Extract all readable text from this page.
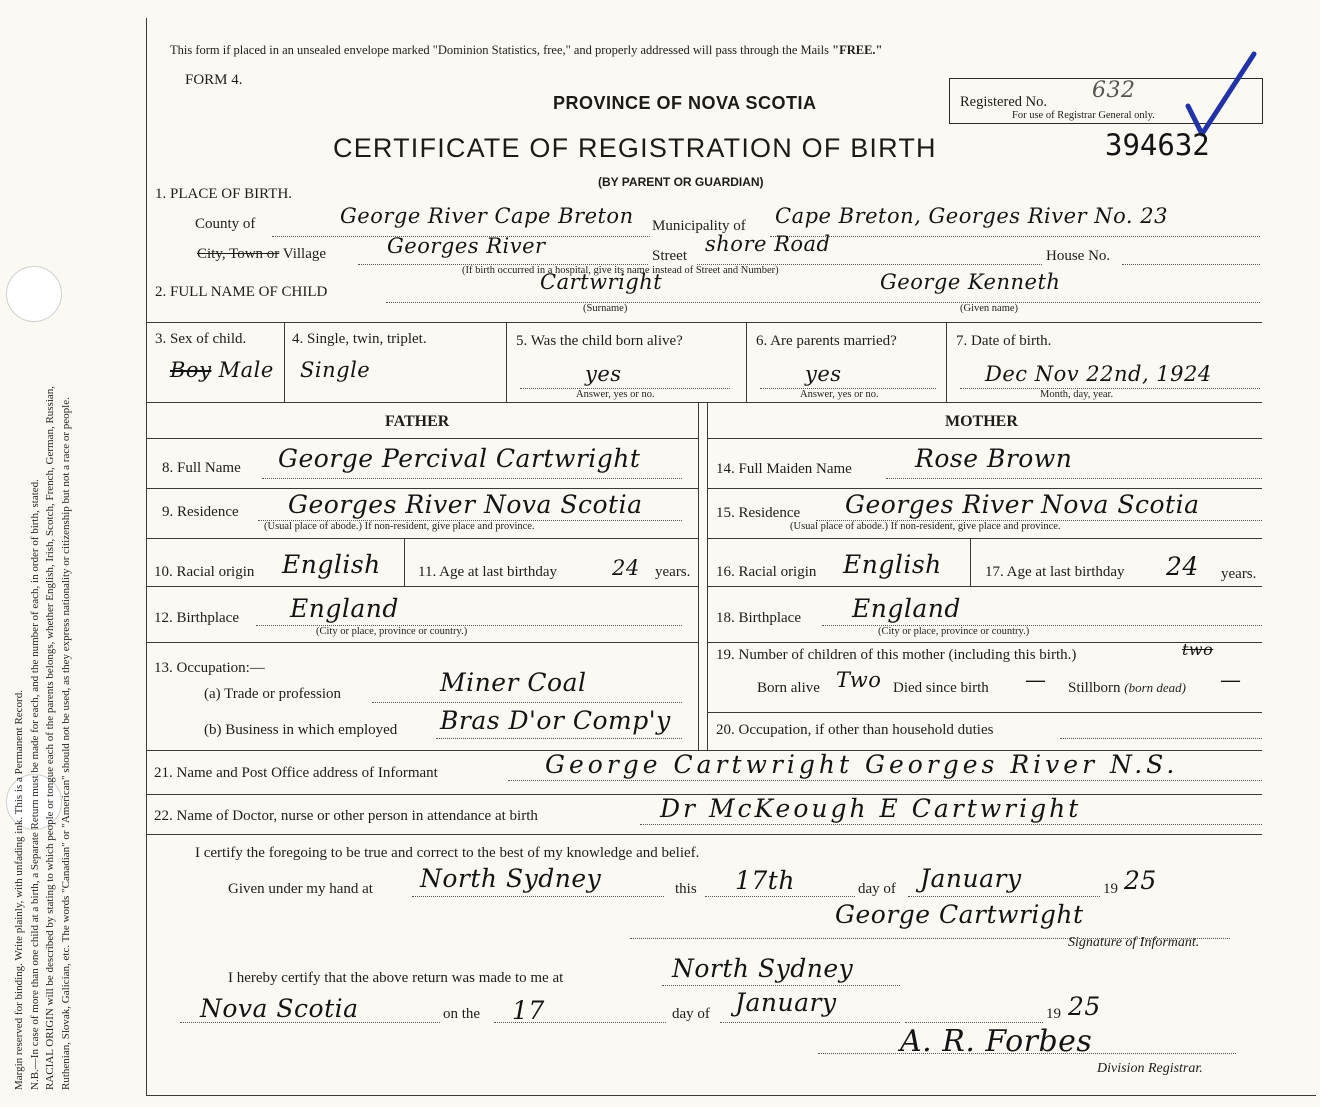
Margin reserved for binding. Write plainly, with unfading ink. This is a Permanent Record. N.B.—In case of more than one child at a birth, a Separate Return must be made for each, and the number of each, in order of birth, stated. RACIAL ORIGIN will be described by stating to which people or tongue each of the parents belongs, whether English, Irish, Scotch, French, German, Russian, Ruthenian, Slovak, Galician, etc. The words "Canadian" or "American" should not be used, as they express nationality or citizenship but not a race or people.
This form if placed in an unsealed envelope marked "Dominion Statistics, free," and properly addressed will pass through the Mails "FREE."
FORM 4.
PROVINCE OF NOVA SCOTIA
CERTIFICATE OF REGISTRATION OF BIRTH
(BY PARENT OR GUARDIAN)
Registered No. 632
For use of Registrar General only.
394632
1. PLACE OF BIRTH.
County of	George River Cape Breton Municipality of Cape Breton, Georges River No. 23
City, Town or Village	Georges River	Street shore Road	House No.
(If birth occurred in a hospital, give its name instead of Street and Number)
2. FULL NAME OF CHILD	Cartwright	George Kenneth
(Surname)	(Given name)
3. Sex of child.
Boy Male
4. Single, twin, triplet.
Single
5. Was the child born alive?
yes
Answer, yes or no.
6. Are parents married?
yes
Answer, yes or no.
7. Date of birth.
Dec Nov 22nd, 1924
Month, day, year.
FATHER	MOTHER
8. Full Name George Percival Cartwright
9. Residence Georges River Nova Scotia
(Usual place of abode.) If non-resident, give place and province.
10. Racial origin English 11. Age at last birthday	24 years.
12. Birthplace England
(City or place, province or country.)
13. Occupation:—
(a) Trade or profession	Miner Coal
(b) Business in which employed Bras D'or Comp'y
14. Full Maiden Name	Rose Brown
15. Residence Georges River Nova Scotia
(Usual place of abode.) If non-resident, give place and province.
16. Racial origin English	17. Age at last birthday 24 years.
18. Birthplace England
(City or place, province or country.)
19. Number of children of this mother (including this birth.)	two
Born alive Two Died since birth — Stillborn (born dead) —
20. Occupation, if other than household duties
21. Name and Post Office address of Informant	George Cartwright Georges River N.S.
22. Name of Doctor, nurse or other person in attendance at birth	Dr McKeough E Cartwright
I certify the foregoing to be true and correct to the best of my knowledge and belief.
Given under my hand at North Sydney	this 17th	day of January	19 25
George Cartwright
Signature of Informant.
I hereby certify that the above return was made to me at	North Sydney
Nova Scotia	on the 17	day of January	19 25
A. R. Forbes
Division Registrar.
